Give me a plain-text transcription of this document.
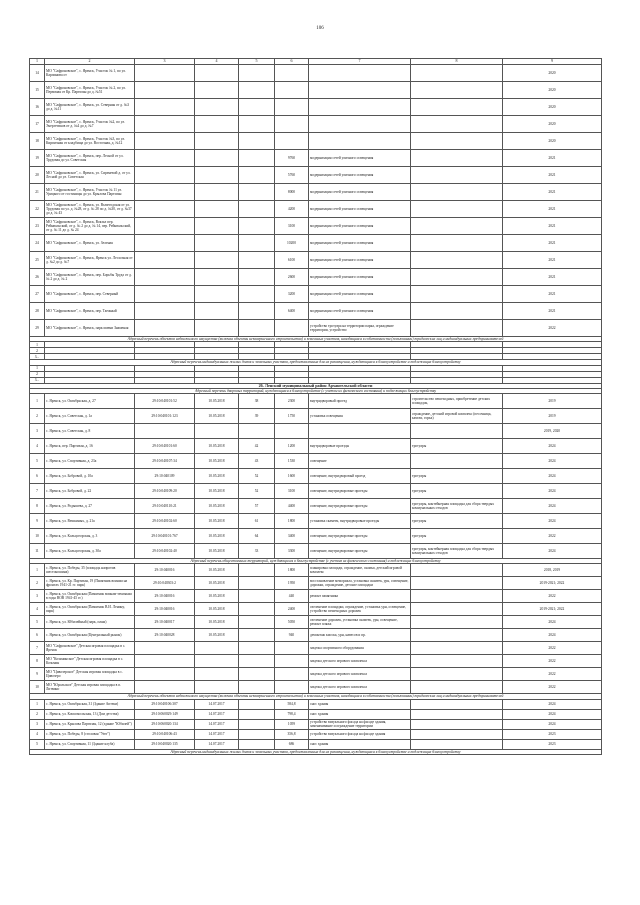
106
1	2	3	4	5	6	7	8	9
14	МО "Сафроновское", с. Яренск, Участок № 1, по ул. Карпинова от							2020
15	МО "Сафроновское", с. Яренск, Участок № 2, по ул. Первомая от Кр. Партизан до д. №51							2020
16	МО "Сафроновское", с. Яренск, ул. Северная от д. №3 до д. №11							2020
17	МО "Сафроновское", с. Яренск, Участок №2, по ул. Энергетиков от д. №4 до д. №7							2020
18	МО "Сафроновское", с. Яренск, Участок №3, по ул. Кирпичная от кладбища до ул. Восточная, д. №12							2020
19	МО "Сафроновское", с. Яренск, пер. Лесной от ул. Трудовая до ул. Советская				9760	модернизация сетей уличного освещения		2021
20	МО "Сафроновское", с. Яренск, ул. Сиреневой д. от ул. Лесной до ул. Советская				5760	модернизация сетей уличного освещения		2021
21	МО "Сафроновское", с. Яренск, Участок № 11 ул. Урицкого от гостиницы до ул. Крылова Партизан				8000	модернизация сетей уличного освещения		2021
22	МО "Сафроновское", с. Яренск, ул. Вычегодская от ул. Трудовая по ул. д. №28, от д. № 28 по д. №30, от д. №37 до д. № 43				4200	модернизация сетей уличного освещения		2021
23	МО "Сафроновское", с. Яренск, Вокзал пер. Рейнвальский, от д. № 2 до д. № 14, пер. Рейнвальский, от д. № 11 до д. № 24				3100	модернизация сетей уличного освещения		2021
24	МО "Сафроновское", с. Яренск, ул. Зеленая				10200	модернизация сетей уличного освещения		2021
25	МО "Сафроновское", с. Яренск, Яренск ул. Лесхозная от д. №2 до д. №7				6100	модернизация сетей уличного освещения		2021
26	МО "Сафроновское", с. Яренск, пер. Борьбы Труда от д. № 2 до д. № 2				2600	модернизация сетей уличного освещения		2021
27	МО "Сафроновское", с. Яренск, пер. Северный				3200	модернизация сетей уличного освещения		2021
28	МО "Сафроновское", с. Яренск, пер. Таежный				6400	модернизация сетей уличного освещения		2021
29	МО "Сафроновское", с. Яренск, парк имени Знаменая					устройство тротуара на территории парка, ограждение территории, устройство		2022
Адресный перечень объектов недвижимого имущества (включая объекты незавершенного строительства) и земельных участков, находящихся в собственности (пользовании) юридических лиц и индивидуальных предпринимателей								
1								
2								
3...								
Адресный перечень индивидуальных жилых домов и земельных участков, предоставленных для их размещения, нуждающихся в благоустройстве и подлежащих благоустройству								
1								
2								
3...								
26. Ленский муниципальный район Архангельской области								
Адресный перечень дворовых территорий, нуждающихся в благоустройстве (с учетом их физического состояния) и подлежащих благоустройству								
1	с. Яренск, ул. Октябрьская, д. 27	29:10:040101:52	10.05.2018	38	2300	внутридворовый проезд	строительство пешеходных, приобретение детских площадок,	2019
2	с. Яренск, ул. Советская, д. 1а	29:10:040101:123	10.05.2018	39	1750	установка освещения	ограждение, детский игровой комплекс (песочница, качели, горка)	2019
3	с. Яренск, ул. Советская, д. 8							2019, 2020
4	с. Яренск, пер. Партизан, д. 16	29:10:040101:60	10.05.2018	42	1200	внутридворовые проезды	тротуары	2024
5	с. Яренск, ул. Спортивная, д. 23а	29:10:040107:34	10.05.2018	43	1530	освещение		2024
6	с. Яренск, ул. Бобровой, д. 10а	29:10:040109	10.05.2018	52	1600	освещение, внутридворовый проезд	тротуары	2024
7	с. Яренск, ул. Бобровой, д. 22	29:10:040109:20	10.05.2018	52	3100	освещение, внутридворовые проезды	тротуары	2024
8	с. Яренск, ул. Родышева, д. 27	29:10:040110:21	10.05.2018	57	4400	освещение, внутридворовые проезды	тротуары, контейнерная площадка для сбора твердых коммунальных отходов	2024
9	с. Яренск, ул. Вешкиных, д. 21а	29:10:040102:60	10.05.2018	61	1800	установка скамеек, внутридворовые проезды	тротуары	2024
10	с. Яренск, ул. Кольцогорская, д. 3	29:10:040101:767	10.05.2018	64	3400	освещение, внутридворовые проезды	тротуары	2022
11	с. Яренск, ул. Кольцогорская, д. 30а	29:10:040102:40	10.05.2018	33	3300	освещение, внутридворовые проезды	тротуары, контейнерная площадка для сбора твердых коммунальных отходов	2024
Адресный перечень общественных территорий, нуждающихся в благоустройстве (с учетом их физического состояния) и подлежащих благоустройству								
1	с. Яренск, ул. Победы, 35 (площадь напротив шестоношина)	29:10:040016	10.05.2018		1800	планировка площади, ограждение, скамьи, детский игровой комплекс		2018, 2019
2	с. Яренск, ул. Кр. Партизан, 19 (Памятник воинам на фронтах 1941-21 гг. парк)	29:10:040303:2	10.05.2018		1950	восстановление мемориала, установка скамеек, урн, освещение, дорожки, ограждение, детские площадки		2019-2021; 2022
3	с. Яренск, ул. Октябрьская (Памятник воинам-землякам в годы ВОВ 1941-45 гг.)	29:10:040016	10.05.2018		440	ремонт памятника		2022
4	с. Яренск, ул. Октябрьская (Памятник В.И. Ленину, парк)	29:10:040016	10.05.2018		2400	озеленение площадки, ограждение, установка урн, освещение, устройство пешеходных дорожек		2019-2021; 2022
5	с. Яренск, ул. Юбилейный (парк, пляж)	29:10:040017	10.05.2018		5050	озеленение дорожек, установка скамеек, урн, освещение, ремонт пляжа		2024
6	с. Яренск, ул. Октябрьская (Центральный рынок)	29:10:040028	10.05.2018		940	демонтаж киоска, урн, навесов и пр.		2024
7	МО "Сафроновское" Детская игровая площадка в с. Яренск					закупка спортивного оборудования		2022
8	МО "Козьминское" Детская игровая площадка в с. Козьмин					закупка детского игрового комплекса		2022
9	МО "Цивозерское" Детская игровая площадка в с. Цивозеро					закупка детского игрового комплекса		2022
10	МО "Юрольское" Детская игровая площадка в п. Литвино					закупка детского игрового комплекса		2022
Адресный перечень объектов недвижимого имущества (включая объекты незавершенного строительства) и земельных участков, находящихся в собственности (пользовании) юридических лиц и индивидуальных предпринимателей								
1	с. Яренск, ул. Октябрьская, 31 (Здание Аптеки)	29:10:040106:307	14.07.2017		584,8	снос здания		2024
2	с. Яренск, ул. Комсомольская, 13 (Дом детства)	29:10:060029:149	14.07.2017		798,4	снос здания		2024
3	с. Яренск, ул. Крылова Партизан, 12 (здание "Юбилей")	29:10:060020:134	14.07.2017		1059	устройство визуального фасада на фасаде здания, заменачивание и ограждение территории		2024
4	с. Яренск, ул. Победы, 8 (столовая "Уют")	29:10:040106:43	14.07.2017		356,8	устройство визуального фасада на фасаде здания		2023
5	с. Яренск, ул. Спортивная, 11 (Здание клуба)	29:10:040020:135	14.07.2017		686	снос здания		2023
Адресный перечень индивидуальных жилых домов и земельных участков, предоставленных для их размещения, нуждающихся в благоустройстве и подлежащих благоустройству								
